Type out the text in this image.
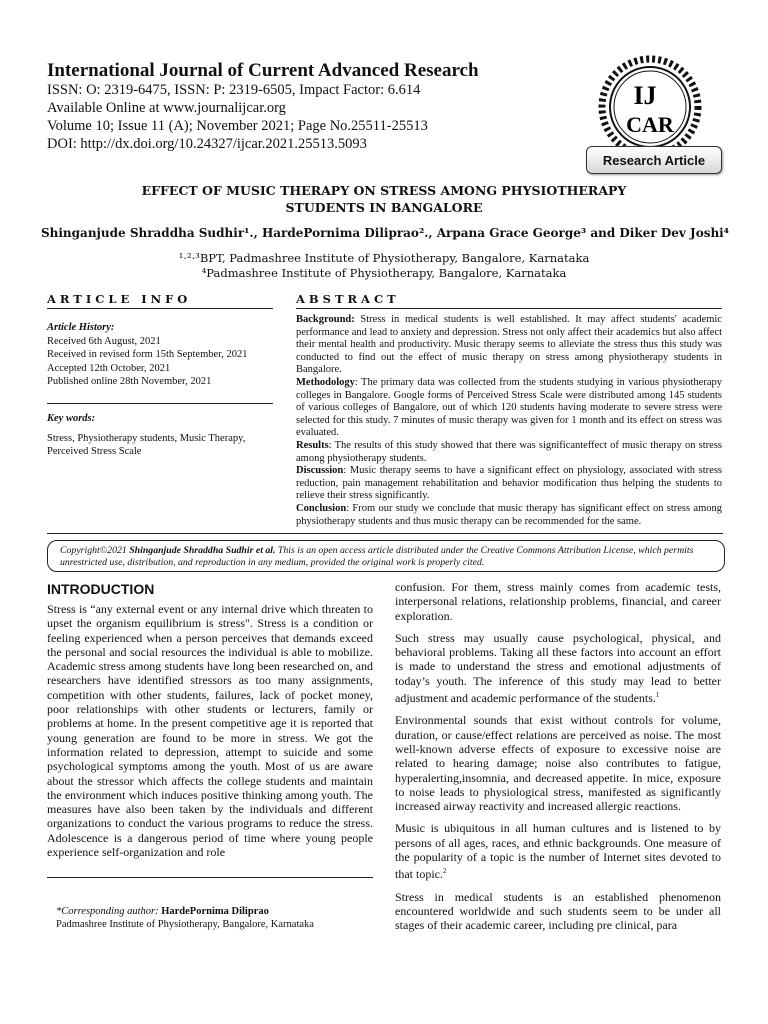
International Journal of Current Advanced Research
ISSN: O: 2319-6475, ISSN: P: 2319-6505, Impact Factor: 6.614
Available Online at www.journalijcar.org
Volume 10; Issue 11 (A); November 2021; Page No.25511-25513
DOI: http://dx.doi.org/10.24327/ijcar.2021.25513.5093
IJ
CAR
Research Article
EFFECT OF MUSIC THERAPY ON STRESS AMONG PHYSIOTHERAPY
STUDENTS IN BANGALORE
Shinganjude Shraddha Sudhir¹., HardePornima Diliprao²., Arpana Grace George³ and Diker Dev Joshi⁴
¹·²·³BPT, Padmashree Institute of Physiotherapy, Bangalore, Karnataka
⁴Padmashree Institute of Physiotherapy, Bangalore, Karnataka
ARTICLE INFO	ABSTRACT
Article History:
Received 6th August, 2021
Received in revised form 15th September, 2021
Accepted 12th October, 2021
Published online 28th November, 2021
Key words:
Stress, Physiotherapy students, Music Therapy, Perceived Stress Scale

Background: Stress in medical students is well established. It may affect students' academic performance and lead to anxiety and depression. Stress not only affect their academics but also affect their mental health and productivity. Music therapy seems to alleviate the stress thus this study was conducted to find out the effect of music therapy on stress among physiotherapy students in Bangalore.

Methodology: The primary data was collected from the students studying in various physiotherapy colleges in Bangalore. Google forms of Perceived Stress Scale were distributed among 145 students of various colleges of Bangalore, out of which 120 students having moderate to severe stress were selected for this study. 7 minutes of music therapy was given for 1 month and its effect on stress was evaluated.

Results: The results of this study showed that there was significanteffect of music therapy on stress among physiotherapy students.

Discussion: Music therapy seems to have a significant effect on physiology, associated with stress reduction, pain management rehabilitation and behavior modification thus helping the students to relieve their stress significantly.

Conclusion: From our study we conclude that music therapy has significant effect on stress among physiotherapy students and thus music therapy can be recommended for the same.

Copyright©2021 Shinganjude Shraddha Sudhir et al. This is an open access article distributed under the Creative Commons Attribution License, which permits unrestricted use, distribution, and reproduction in any medium, provided the original work is properly cited.
INTRODUCTION

Stress is “any external event or any internal drive which threaten to upset the organism equilibrium is stress". Stress is a condition or feeling experienced when a person perceives that demands exceed the personal and social resources the individual is able to mobilize. Academic stress among students have long been researched on, and researchers have identified stressors as too many assignments, competition with other students, failures, lack of pocket money, poor relationships with other students or lecturers, family or problems at home. In the present competitive age it is reported that young generation are found to be more in stress. We got the information related to depression, attempt to suicide and some psychological symptoms among the youth. Most of us are aware about the stressor which affects the college students and maintain the environment which induces positive thinking among youth. The measures have also been taken by the individuals and different organizations to conduct the various programs to reduce the stress. Adolescence is a dangerous period of time where young people experience self-organization and role

*Corresponding author: HardePornima Diliprao
Padmashree Institute of Physiotherapy, Bangalore, Karnataka

confusion. For them, stress mainly comes from academic tests, interpersonal relations, relationship problems, financial, and career exploration.

Such stress may usually cause psychological, physical, and behavioral problems. Taking all these factors into account an effort is made to understand the stress and emotional adjustments of today’s youth. The inference of this study may lead to better adjustment and academic performance of the students.$^1$

Environmental sounds that exist without controls for volume, duration, or cause/effect relations are perceived as noise. The most well-known adverse effects of exposure to excessive noise are related to hearing damage; noise also contributes to fatigue, hyperalerting,insomnia, and decreased appetite. In mice, exposure to noise leads to physiological stress, manifested as significantly increased airway reactivity and increased allergic reactions.

Music is ubiquitous in all human cultures and is listened to by persons of all ages, races, and ethnic backgrounds. One measure of the popularity of a topic is the number of Internet sites devoted to that topic.$^2$

Stress in medical students is an established phenomenon encountered worldwide and such students seem to be under all stages of their academic career, including pre clinical, para
